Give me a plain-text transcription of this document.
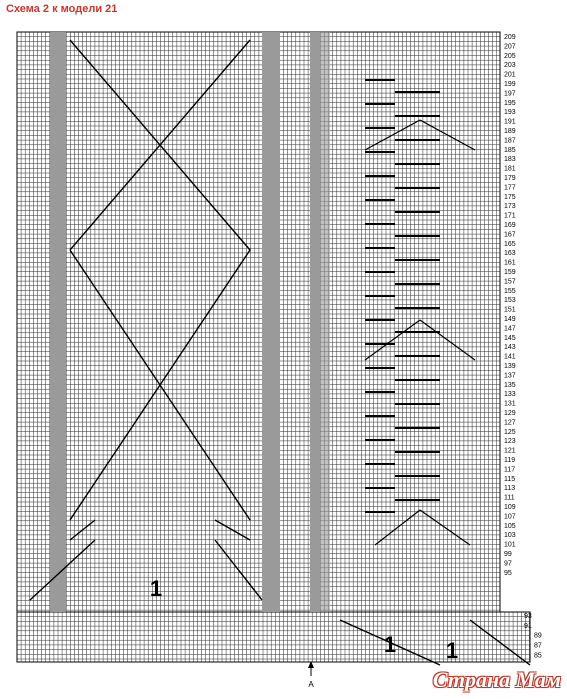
Схема 2 к модели 21
209
207
205
203
201
199
197
195
193
191
189
187
185
183
181
179
177
175
173
171
169
167
165
163
161
159
157
155
153
151
149
147
145
143
141
139
137
135
133
131
129
127
125
123
121
119
117
115
113
111
109
107
105
103
101
99
97
95
93
91
89
87
85
1
1 1
A	Страна Мам
